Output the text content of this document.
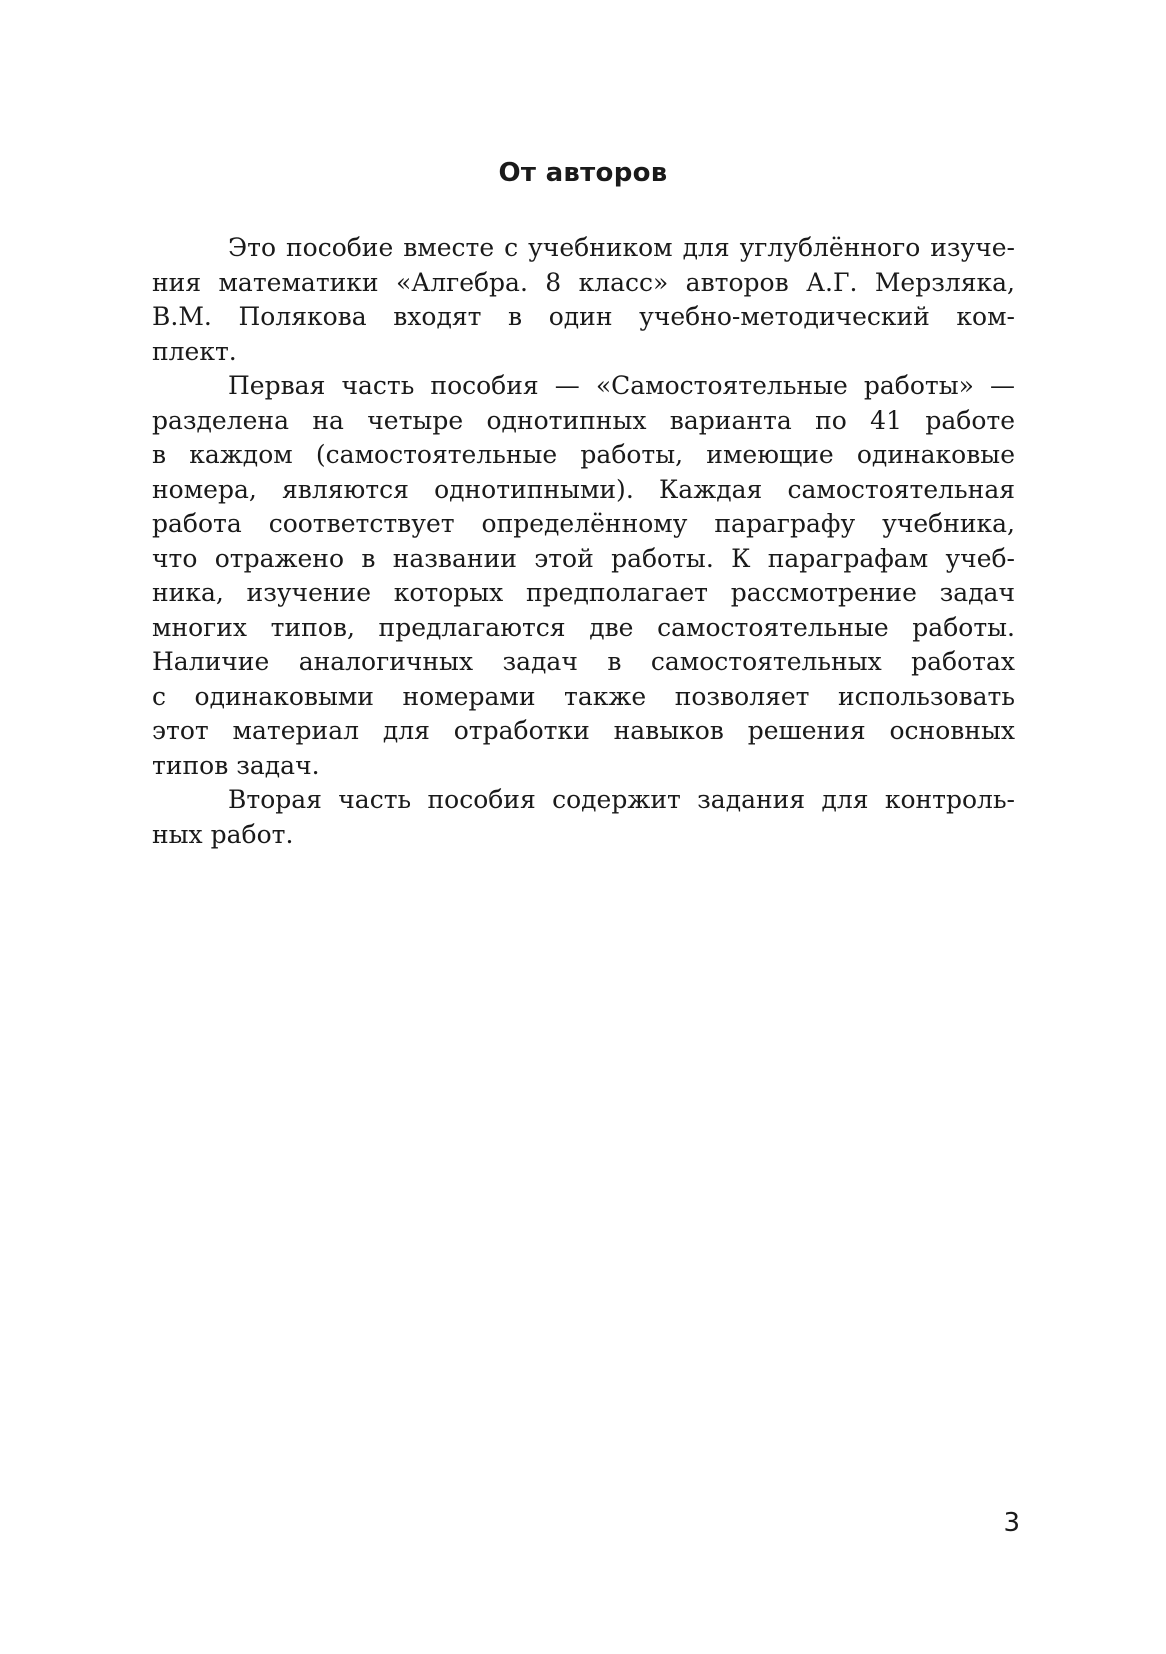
От авторов
Это пособие вместе с учебником для углублённого изуче-
ния математики «Алгебра. 8 класс» авторов А.Г. Мерзляка,
В.М. Полякова входят в один учебно-методический ком-
плект.
Первая часть пособия — «Самостоятельные работы» —
разделена на четыре однотипных варианта по 41 работе
в каждом (самостоятельные работы, имеющие одинаковые
номера, являются однотипными). Каждая самостоятельная
работа соответствует определённому параграфу учебника,
что отражено в названии этой работы. К параграфам учеб-
ника, изучение которых предполагает рассмотрение задач
многих типов, предлагаются две самостоятельные работы.
Наличие аналогичных задач в самостоятельных работах
с одинаковыми номерами также позволяет использовать
этот материал для отработки навыков решения основных
типов задач.
Вторая часть пособия содержит задания для контроль-
ных работ.
3
